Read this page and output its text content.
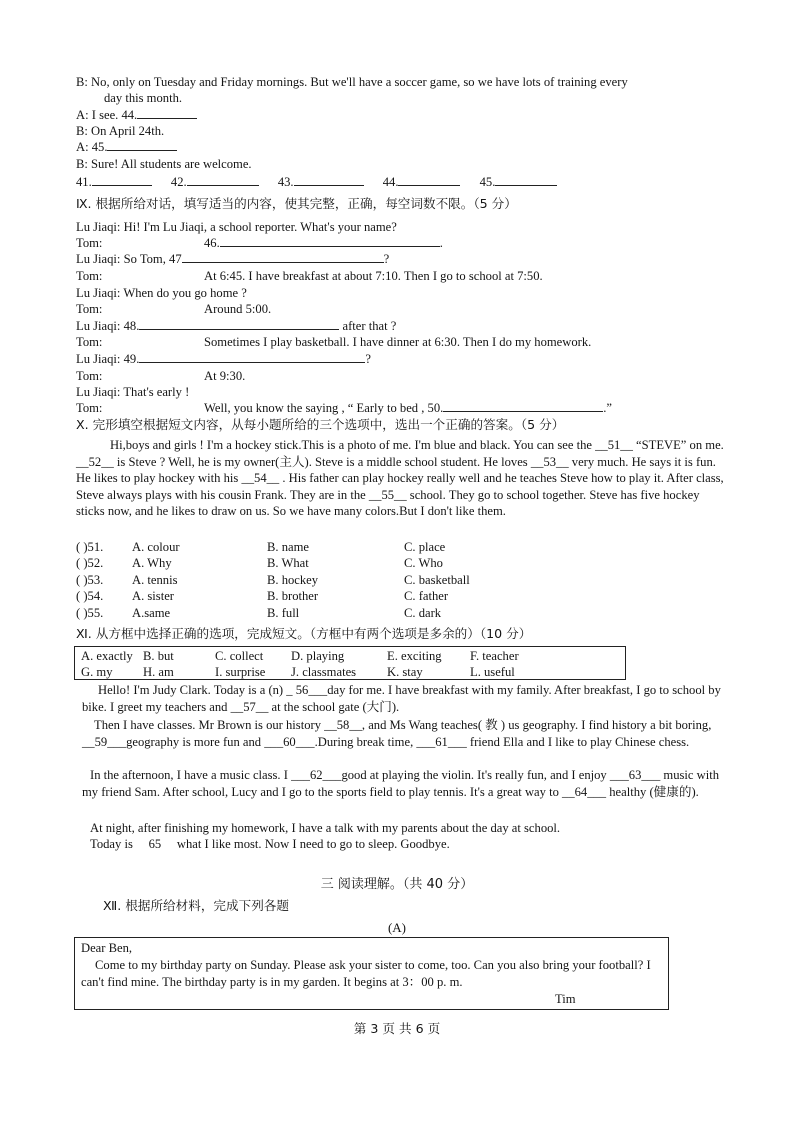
B: No, only on Tuesday and Friday mornings. But we'll have a soccer game, so we have lots of training every
day this month.
A: I see. 44.
B: On April 24th.
A: 45.
B: Sure! All students are welcome.
41.	42.	43.	44.	45.
Ⅸ. 根据所给对话，填写适当的内容，使其完整，正确，每空词数不限。（5 分）
Lu Jiaqi: Hi! I'm Lu Jiaqi, a school reporter. What's your name?
Tom:	46.	.
Lu Jiaqi: So Tom, 47	?
Tom:	At 6:45. I have breakfast at about 7:10. Then I go to school at 7:50.
Lu Jiaqi: When do you go home ?
Tom:	Around 5:00.
Lu Jiaqi: 48.	after that ?
Tom:	Sometimes I play basketball. I have dinner at 6:30. Then I do my homework.
Lu Jiaqi: 49.	?
Tom:	At 9:30.
Lu Jiaqi: That's early !
Tom:	Well, you know the saying , “ Early to bed , 50.	.”
Ⅹ. 完形填空根据短文内容，从每小题所给的三个选项中，选出一个正确的答案。（5 分）
Hi,boys and girls ! I'm a hockey stick.This is a photo of me. I'm blue and black. You can see the __51__ “STEVE” on me. __52__ is Steve ? Well, he is my owner(主人). Steve is a middle school student. He loves __53__ very much. He says it is fun. He likes to play hockey with his __54__ . His father can play hockey really well and he teaches Steve how to play it. After class, Steve always plays with his cousin Frank. They are in the __55__ school. They go to school together. Steve has five hockey sticks now, and he likes to draw on us. So we have many colors.But I don't like them.
( )51. A. colour	B. name	C. place
( )52. A. Why	B. What	C. Who
( )53. A. tennis	B. hockey	C. basketball
( )54. A. sister	B. brother	C. father
( )55. A.same	B. full	C. dark
Ⅺ. 从方框中选择正确的选项，完成短文。（方框中有两个选项是多余的）（10 分）
A. exactly B. but	C. collect D. playing	E. exciting F. teacher
G. my H. am	I. surprise J. classmates K. stay	L. useful
Hello! I'm Judy Clark. Today is a (n) _ 56___day for me. I have breakfast with my family. After breakfast, I go to school by bike. I greet my teachers and __57__ at the school gate (大门).
Then I have classes. Mr Brown is our history __58__, and Ms Wang teaches( 教 ) us geography. I find history a bit boring, __59___geography is more fun and ___60___.During break time, ___61___ friend Ella and I like to play Chinese chess.
In the afternoon, I have a music class. I ___62___good at playing the violin. It's really fun, and I enjoy ___63___ music with my friend Sam. After school, Lucy and I go to the sports field to play tennis. It's a great way to __64___ healthy (健康的).
At night, after finishing my homework, I have a talk with my parents about the day at school.
Today is     65     what I like most. Now I need to go to sleep. Goodbye.
三 阅读理解。（共 40 分）
Ⅻ. 根据所给材料，完成下列各题
(A)
Dear Ben,
Come to my birthday party on Sunday. Please ask your sister to come, too. Can you also bring your football? I can't find mine. The birthday party is in my garden. It begins at 3：00 p. m.
Tim
第 3 页 共 6 页
